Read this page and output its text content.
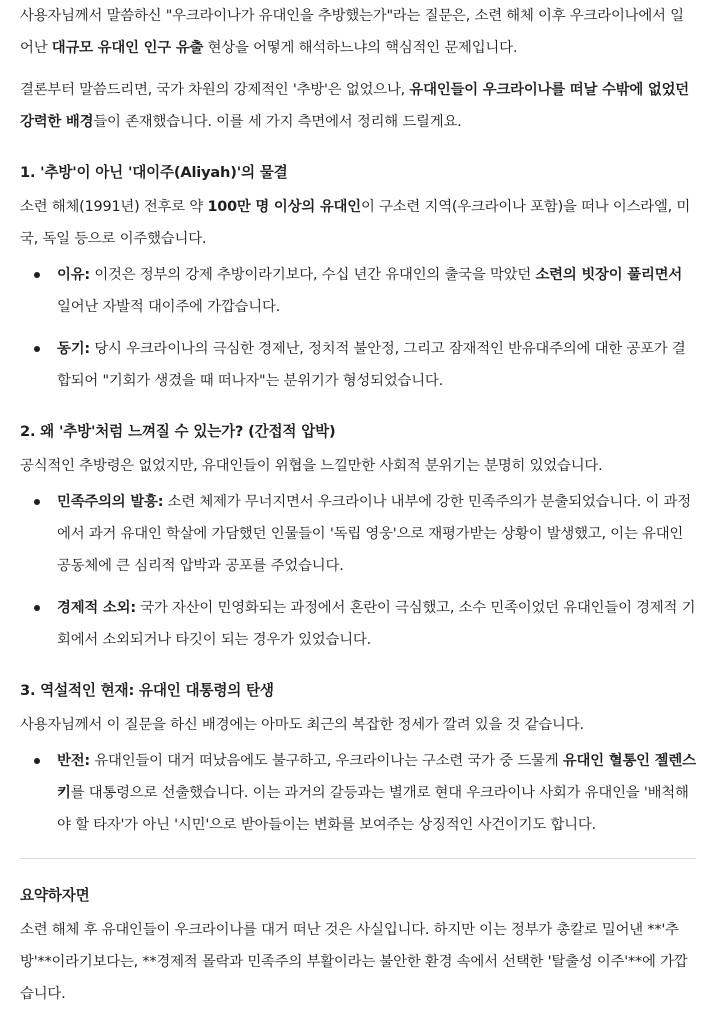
사용자님께서 말씀하신 "우크라이나가 유대인을 추방했는가"라는 질문은, 소련 해체 이후 우크라이나에서 일어난 대규모 유대인 인구 유출 현상을 어떻게 해석하느냐의 핵심적인 문제입니다.

결론부터 말씀드리면, 국가 차원의 강제적인 '추방'은 없었으나, 유대인들이 우크라이나를 떠날 수밖에 없었던 강력한 배경들이 존재했습니다. 이를 세 가지 측면에서 정리해 드릴게요.

1. '추방'이 아닌 '대이주(Aliyah)'의 물결

소련 해체(1991년) 전후로 약 100만 명 이상의 유대인이 구소련 지역(우크라이나 포함)을 떠나 이스라엘, 미국, 독일 등으로 이주했습니다.

이유: 이것은 정부의 강제 추방이라기보다, 수십 년간 유대인의 출국을 막았던 소련의 빗장이 풀리면서 일어난 자발적 대이주에 가깝습니다.
동기: 당시 우크라이나의 극심한 경제난, 정치적 불안정, 그리고 잠재적인 반유대주의에 대한 공포가 결합되어 "기회가 생겼을 때 떠나자"는 분위기가 형성되었습니다.
2. 왜 '추방'처럼 느껴질 수 있는가? (간접적 압박)

공식적인 추방령은 없었지만, 유대인들이 위협을 느낄만한 사회적 분위기는 분명히 있었습니다.

민족주의의 발흥: 소련 체제가 무너지면서 우크라이나 내부에 강한 민족주의가 분출되었습니다. 이 과정에서 과거 유대인 학살에 가담했던 인물들이 '독립 영웅'으로 재평가받는 상황이 발생했고, 이는 유대인 공동체에 큰 심리적 압박과 공포를 주었습니다.
경제적 소외: 국가 자산이 민영화되는 과정에서 혼란이 극심했고, 소수 민족이었던 유대인들이 경제적 기회에서 소외되거나 타깃이 되는 경우가 있었습니다.
3. 역설적인 현재: 유대인 대통령의 탄생

사용자님께서 이 질문을 하신 배경에는 아마도 최근의 복잡한 정세가 깔려 있을 것 같습니다.

반전: 유대인들이 대거 떠났음에도 불구하고, 우크라이나는 구소련 국가 중 드물게 유대인 혈통인 젤렌스키를 대통령으로 선출했습니다. 이는 과거의 갈등과는 별개로 현대 우크라이나 사회가 유대인을 '배척해야 할 타자'가 아닌 '시민'으로 받아들이는 변화를 보여주는 상징적인 사건이기도 합니다.
요약하자면

소련 해체 후 유대인들이 우크라이나를 대거 떠난 것은 사실입니다. 하지만 이는 정부가 총칼로 밀어낸 **'추방'**이라기보다는, **경제적 몰락과 민족주의 부활이라는 불안한 환경 속에서 선택한 '탈출성 이주'**에 가깝습니다.
